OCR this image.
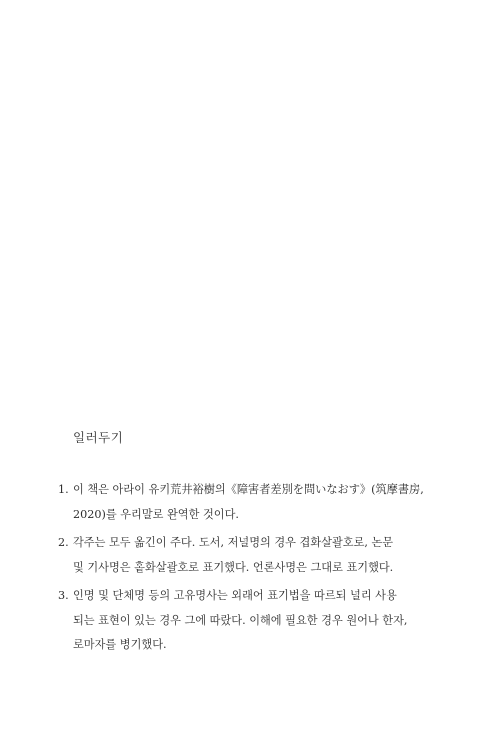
일러두기
1. 이 책은 아라이 유키荒井裕樹의《障害者差別を問いなおす》(筑摩書房,
2020)를 우리말로 완역한 것이다.
2. 각주는 모두 옮긴이 주다. 도서, 저널명의 경우 겹화살괄호로, 논문
및 기사명은 홑화살괄호로 표기했다. 언론사명은 그대로 표기했다.
3. 인명 및 단체명 등의 고유명사는 외래어 표기법을 따르되 널리 사용
되는 표현이 있는 경우 그에 따랐다. 이해에 필요한 경우 원어나 한자,
로마자를 병기했다.
